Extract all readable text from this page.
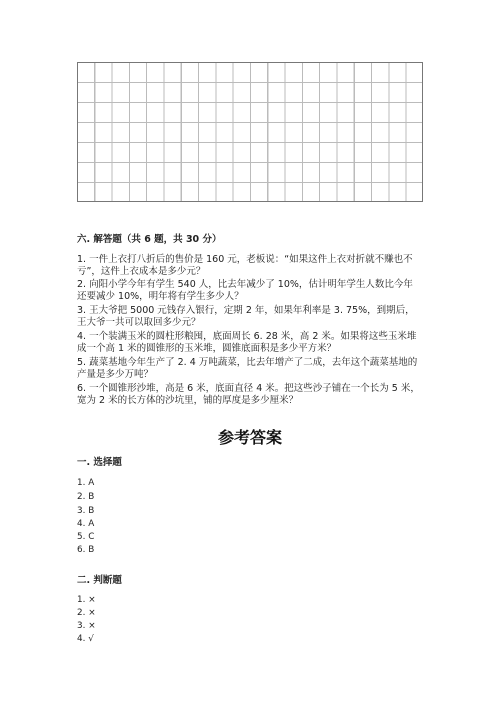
六. 解答题（共 6 题，共 30 分）
1. 一件上衣打八折后的售价是 160 元，老板说：“如果这件上衣对折就不赚也不亏”，这件上衣成本是多少元？
2. 向阳小学今年有学生 540 人，比去年减少了 10%，估计明年学生人数比今年还要减少 10%，明年将有学生多少人？
3. 王大爷把 5000 元钱存入银行，定期 2 年，如果年利率是 3. 75%，到期后，王大爷一共可以取回多少元？
4. 一个装满玉米的圆柱形粮囤，底面周长 6. 28 米，高 2 米。如果将这些玉米堆成一个高 1 米的圆锥形的玉米堆，圆锥底面积是多少平方米？
5. 蔬菜基地今年生产了 2. 4 万吨蔬菜，比去年增产了二成，去年这个蔬菜基地的产量是多少万吨？
6. 一个圆锥形沙堆，高是 6 米，底面直径 4 米。把这些沙子铺在一个长为 5 米，宽为 2 米的长方体的沙坑里，铺的厚度是多少厘米？
参考答案
一. 选择题
1. A
2. B
3. B
4. A
5. C
6. B
二. 判断题
1. ×
2. ×
3. ×
4. √
